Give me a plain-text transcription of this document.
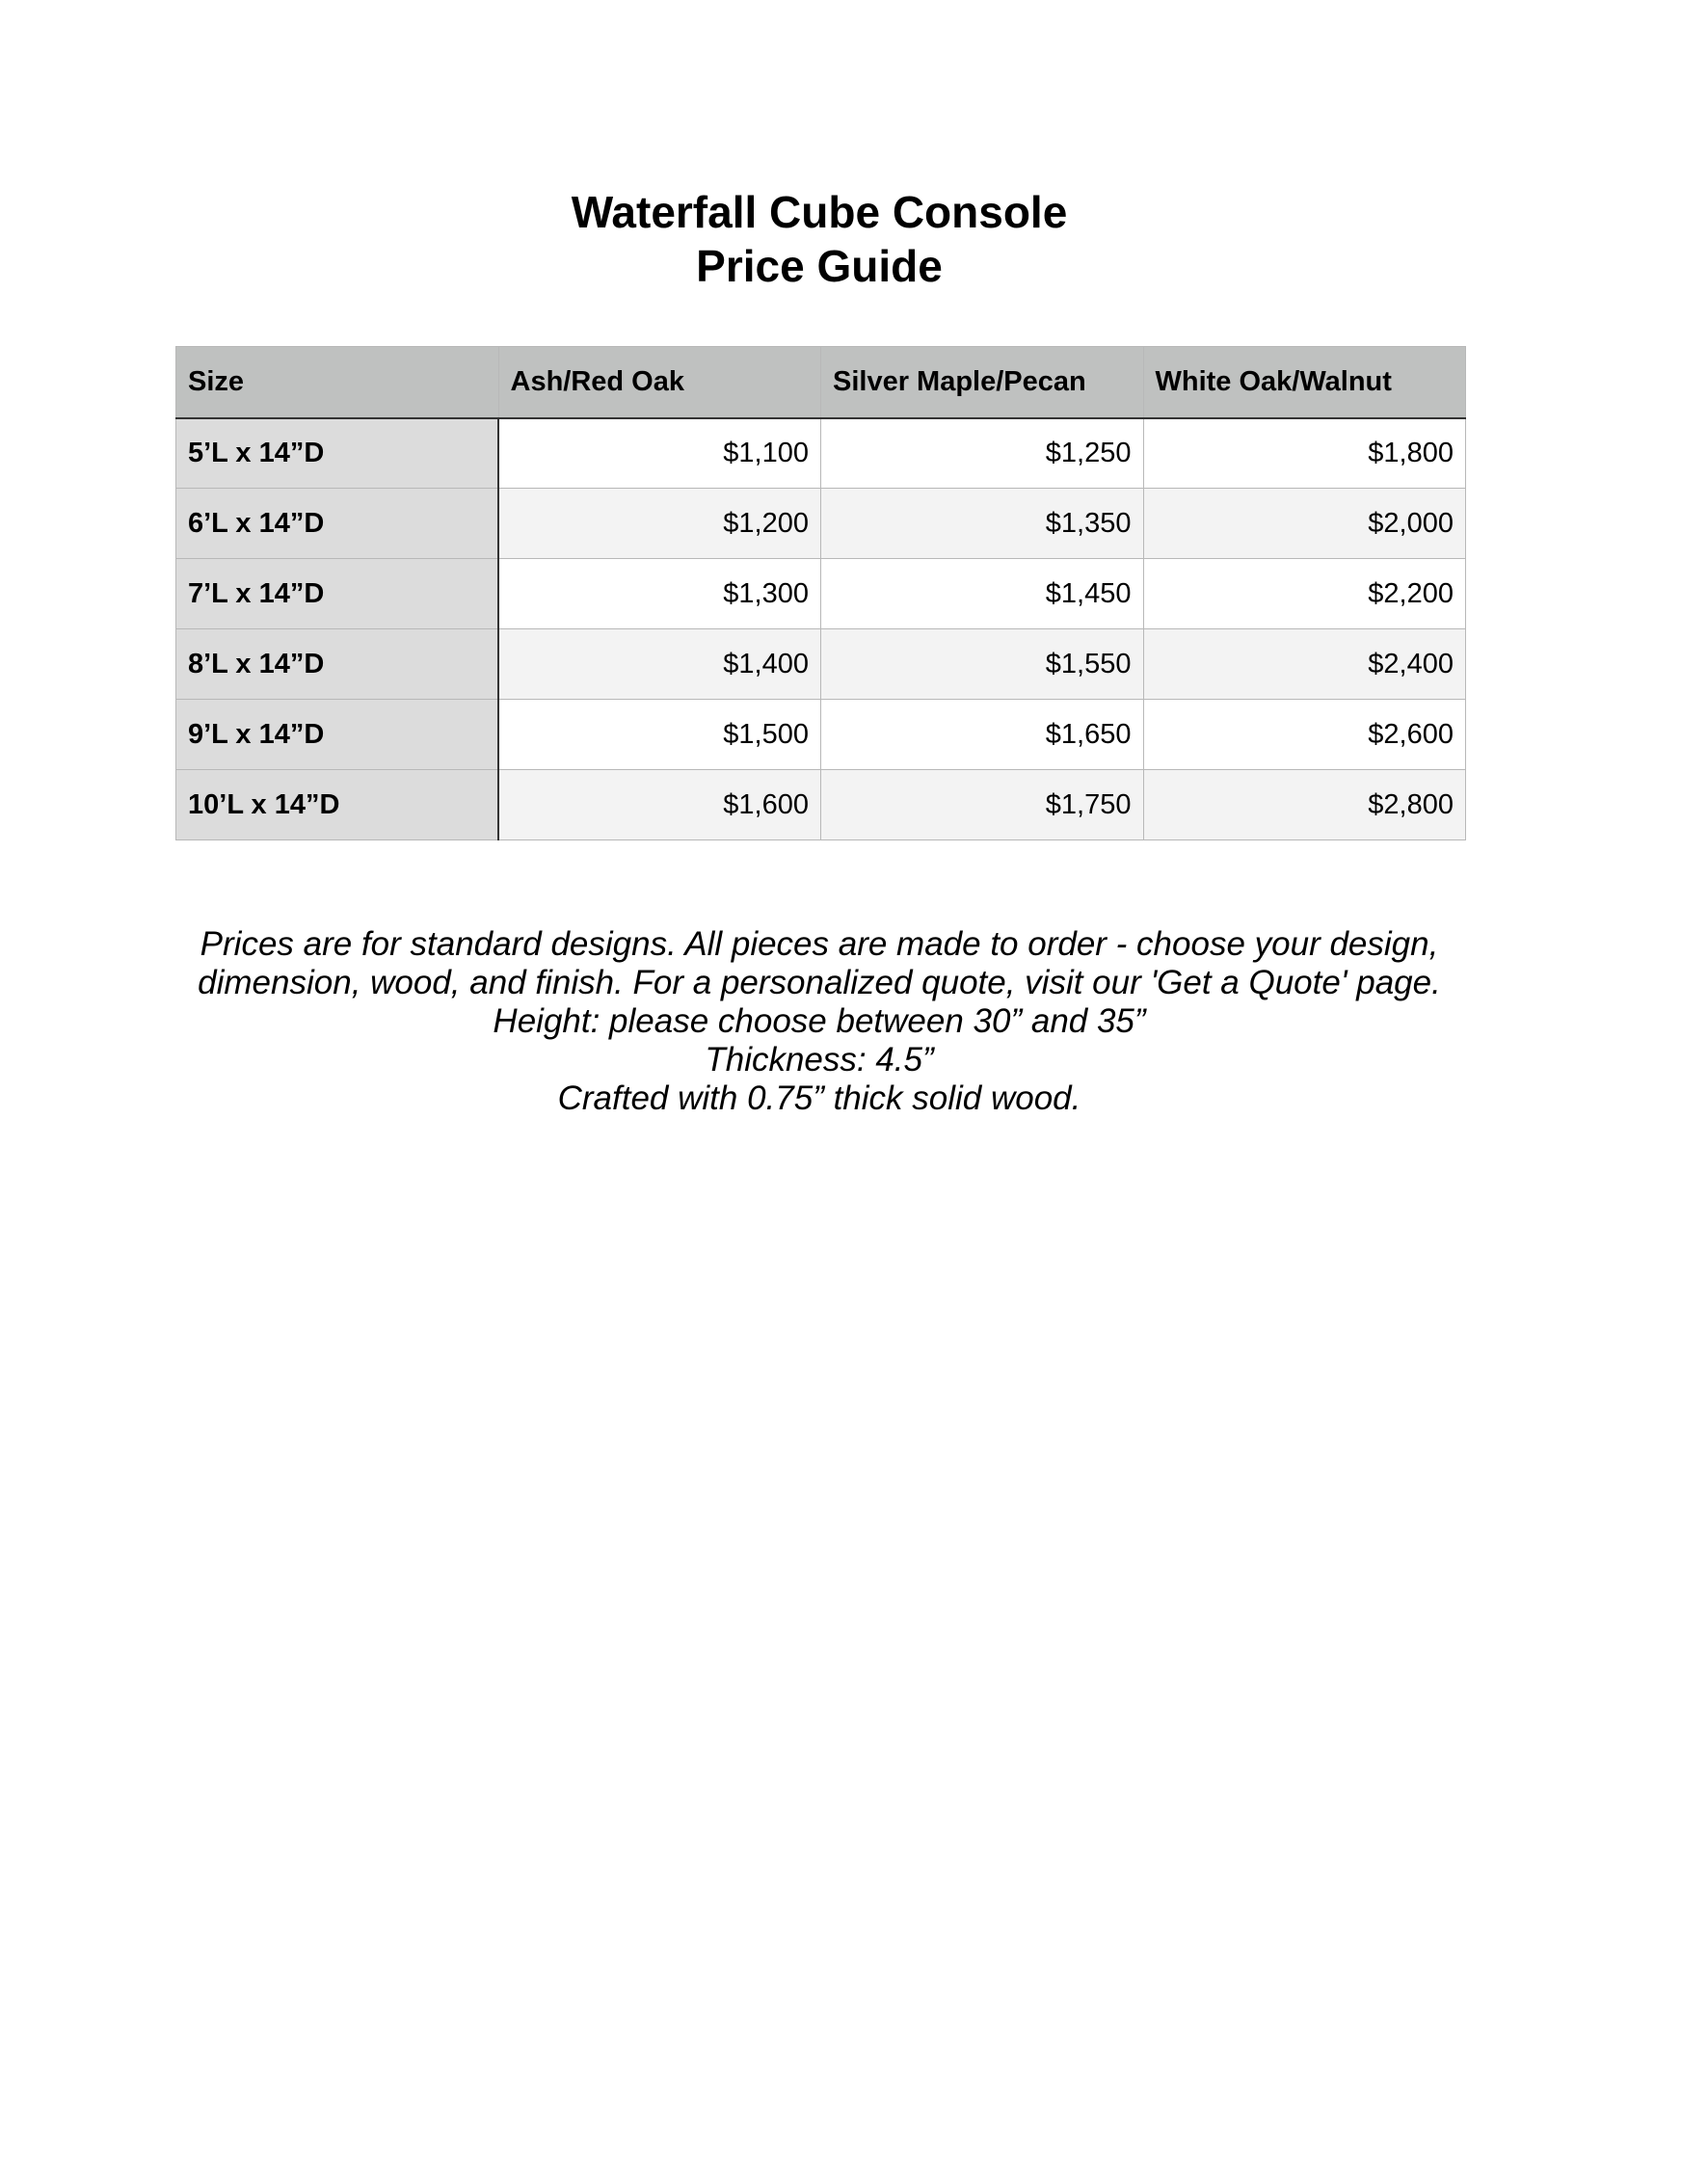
Waterfall Cube Console
Price Guide
Size	Ash/Red Oak	Silver Maple/Pecan	White Oak/Walnut
5’L x 14”D	$1,100	$1,250	$1,800
6’L x 14”D	$1,200	$1,350	$2,000
7’L x 14”D	$1,300	$1,450	$2,200
8’L x 14”D	$1,400	$1,550	$2,400
9’L x 14”D	$1,500	$1,650	$2,600
10’L x 14”D	$1,600	$1,750	$2,800
Prices are for standard designs. All pieces are made to order - choose your design,
dimension, wood, and finish. For a personalized quote, visit our 'Get a Quote' page.
Height: please choose between 30” and 35”
Thickness: 4.5”
Crafted with 0.75” thick solid wood.
